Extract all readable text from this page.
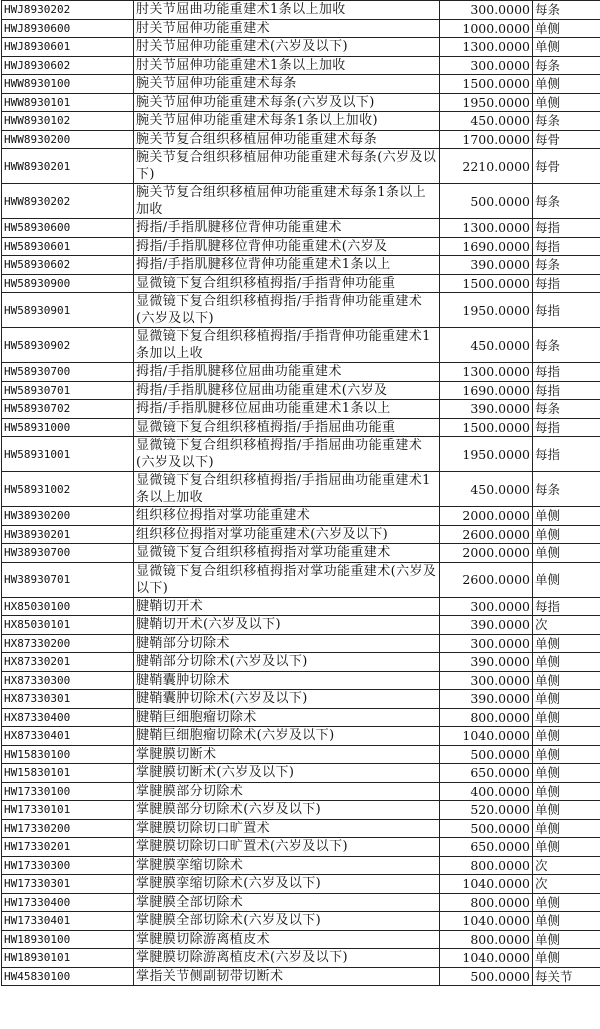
HWJ8930202	肘关节屈曲功能重建术1条以上加收	300.0000	每条
HWJ8930600	肘关节屈伸功能重建术	1000.0000	单侧
HWJ8930601	肘关节屈伸功能重建术(六岁及以下)	1300.0000	单侧
HWJ8930602	肘关节屈伸功能重建术1条以上加收	300.0000	每条
HWW8930100	腕关节屈伸功能重建术每条	1500.0000	单侧
HWW8930101	腕关节屈伸功能重建术每条(六岁及以下)	1950.0000	单侧
HWW8930102	腕关节屈伸功能重建术每条1条以上加收)	450.0000	每条
HWW8930200	腕关节复合组织移植屈伸功能重建术每条	1700.0000	每骨
HWW8930201	腕关节复合组织移植屈伸功能重建术每条(六岁及以下)	2210.0000	每骨
HWW8930202	腕关节复合组织移植屈伸功能重建术每条1条以上加收	500.0000	每条
HW58930600	拇指/手指肌腱移位背伸功能重建术	1300.0000	每指
HW58930601	拇指/手指肌腱移位背伸功能重建术(六岁及	1690.0000	每指
HW58930602	拇指/手指肌腱移位背伸功能重建术1条以上	390.0000	每条
HW58930900	显微镜下复合组织移植拇指/手指背伸功能重	1500.0000	每指
HW58930901	显微镜下复合组织移植拇指/手指背伸功能重建术(六岁及以下)	1950.0000	每指
HW58930902	显微镜下复合组织移植拇指/手指背伸功能重建术1条加以上收	450.0000	每条
HW58930700	拇指/手指肌腱移位屈曲功能重建术	1300.0000	每指
HW58930701	拇指/手指肌腱移位屈曲功能重建术(六岁及	1690.0000	每指
HW58930702	拇指/手指肌腱移位屈曲功能重建术1条以上	390.0000	每条
HW58931000	显微镜下复合组织移植拇指/手指屈曲功能重	1500.0000	每指
HW58931001	显微镜下复合组织移植拇指/手指屈曲功能重建术(六岁及以下)	1950.0000	每指
HW58931002	显微镜下复合组织移植拇指/手指屈曲功能重建术1条以上加收	450.0000	每条
HW38930200	组织移位拇指对掌功能重建术	2000.0000	单侧
HW38930201	组织移位拇指对掌功能重建术(六岁及以下)	2600.0000	单侧
HW38930700	显微镜下复合组织移植拇指对掌功能重建术	2000.0000	单侧
HW38930701	显微镜下复合组织移植拇指对掌功能重建术(六岁及以下)	2600.0000	单侧
HX85030100	腱鞘切开术	300.0000	每指
HX85030101	腱鞘切开术(六岁及以下)	390.0000	次
HX87330200	腱鞘部分切除术	300.0000	单侧
HX87330201	腱鞘部分切除术(六岁及以下)	390.0000	单侧
HX87330300	腱鞘囊肿切除术	300.0000	单侧
HX87330301	腱鞘囊肿切除术(六岁及以下)	390.0000	单侧
HX87330400	腱鞘巨细胞瘤切除术	800.0000	单侧
HX87330401	腱鞘巨细胞瘤切除术(六岁及以下)	1040.0000	单侧
HW15830100	掌腱膜切断术	500.0000	单侧
HW15830101	掌腱膜切断术(六岁及以下)	650.0000	单侧
HW17330100	掌腱膜部分切除术	400.0000	单侧
HW17330101	掌腱膜部分切除术(六岁及以下)	520.0000	单侧
HW17330200	掌腱膜切除切口旷置术	500.0000	单侧
HW17330201	掌腱膜切除切口旷置术(六岁及以下)	650.0000	单侧
HW17330300	掌腱膜挛缩切除术	800.0000	次
HW17330301	掌腱膜挛缩切除术(六岁及以下)	1040.0000	次
HW17330400	掌腱膜全部切除术	800.0000	单侧
HW17330401	掌腱膜全部切除术(六岁及以下)	1040.0000	单侧
HW18930100	掌腱膜切除游离植皮术	800.0000	单侧
HW18930101	掌腱膜切除游离植皮术(六岁及以下)	1040.0000	单侧
HW45830100	掌指关节侧副韧带切断术	500.0000	每关节
